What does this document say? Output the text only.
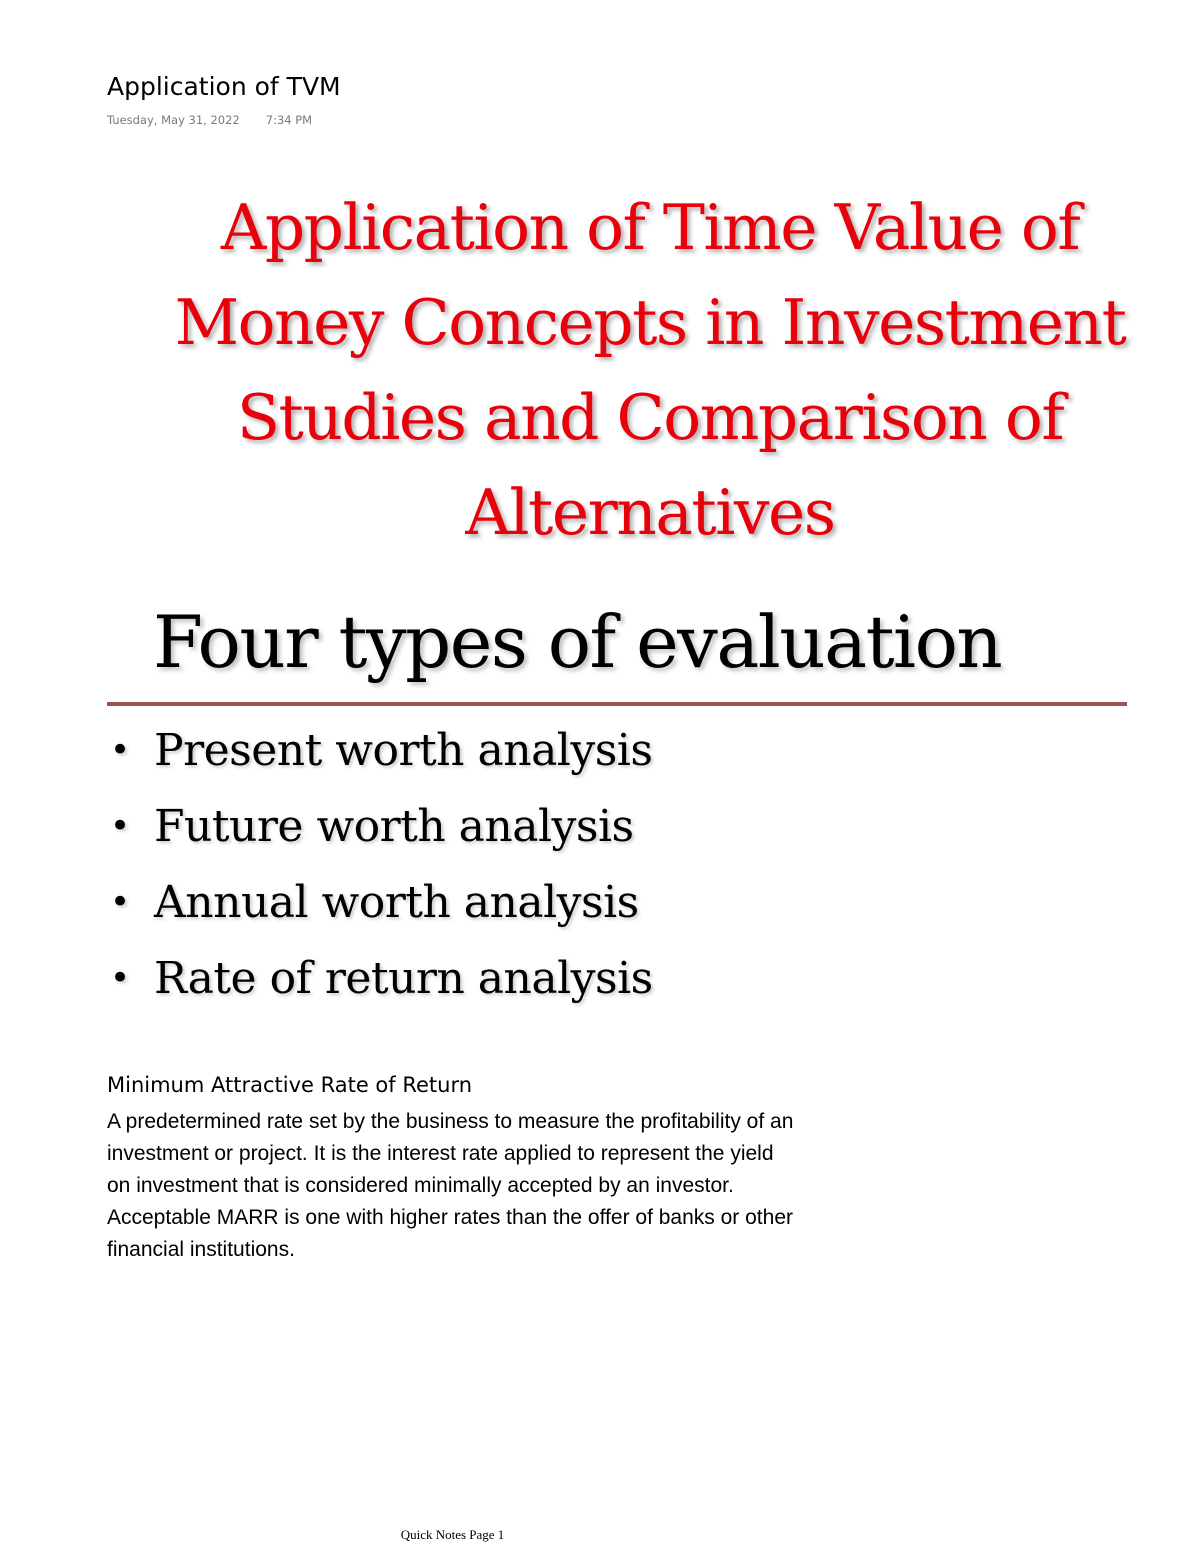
Application of TVM
Tuesday, May 31, 2022 7:34 PM
Application of Time Value of
Money Concepts in Investment
Studies and Comparison of
Alternatives
Four types of evaluation
• Present worth analysis
• Future worth analysis
• Annual worth analysis
• Rate of return analysis
Minimum Attractive Rate of Return
A predetermined rate set by the business to measure the profitability of an investment or project. It is the interest rate applied to represent the yield on investment that is considered minimally accepted by an investor. Acceptable MARR is one with higher rates than the offer of banks or other financial institutions.
Quick Notes Page 1
